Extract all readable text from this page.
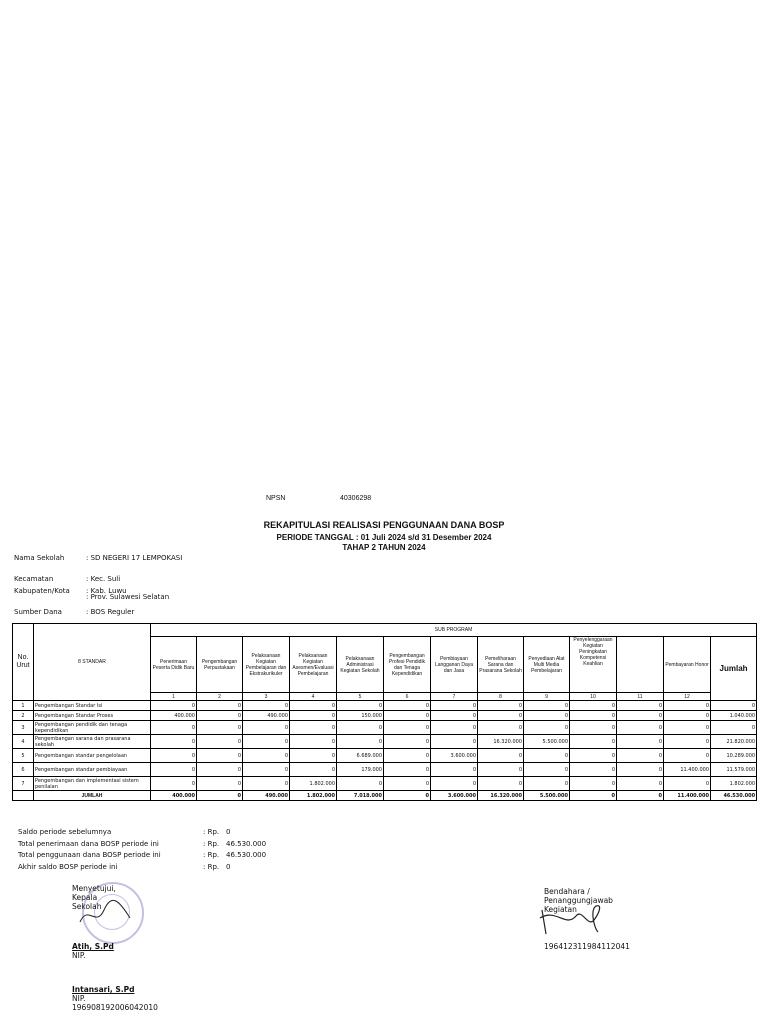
NPSN	40306298
REKAPITULASI REALISASI PENGGUNAAN DANA BOSP
PERIODE TANGGAL : 01 Juli 2024 s/d 31 Desember 2024
TAHAP 2 TAHUN 2024
Nama Sekolah	: SD NEGERI 17 LEMPOKASI
Kecamatan	: Kec. Suli
Kabupaten/Kota	: Kab. Luwu
Sumber Dana	: BOS Reguler
: Prov. Sulawesi Selatan
No. Urut	8 STANDAR	SUB PROGRAM												
		Penerimaan Peserta Didik Baru	Pengembangan Perpustakaan	Pelaksanaan Kegiatan Pembelajaran dan Ekstrakurikuler	Pelaksanaan Kegiatan Asesmen/Evaluasi Pembelajaran	Pelaksanaan Administrasi Kegiatan Sekolah	Pengembangan Profesi Pendidik dan Tenaga Kependidikan	Pembiayaan Langganan Daya dan Jasa	Pemeliharaan Sarana dan Prasarana Sekolah	Penyediaan Alat Multi Media Pembelajaran	Penyelenggaraan Kegiatan Peningkatan Kompetensi Keahlian		Pembayaran Honor	Jumlah
		1	2	3	4	5	6	7	8	9	10	11	12	
1	Pengembangan Standar Isi	0	0	0	0	0	0	0	0	0	0	0	0	0
2	Pengembangan Standar Proses	400.000	0	490.000	0	150.000	0	0	0	0	0	0	0	1.040.000
3	Pengembangan pendidik dan tenaga kependidikan	0	0	0	0	0	0	0	0	0	0	0	0	0
4	Pengembangan sarana dan prasarana sekolah	0	0	0	0	0	0	0	16.320.000	5.500.000	0	0	0	21.820.000
5	Pengembangan standar pengelolaan	0	0	0	0	6.689.000	0	3.600.000	0	0	0	0	0	10.289.000
6	Pengembangan standar pembiayaan	0	0	0	0	179.000	0	0	0	0	0	0	11.400.000	11.579.000
7	Pengembangan dan implementasi sistem penilaian	0	0	0	1.802.000	0	0	0	0	0	0	0	0	1.802.000
	JUMLAH	400.000	0	490.000	1.802.000	7.018.000	0	3.600.000	16.320.000	5.500.000	0	0	11.400.000	46.530.000
Saldo periode sebelumnya	: Rp. 0
Total penerimaan dana BOSP periode ini	: Rp. 46.530.000
Total penggunaan dana BOSP periode ini	: Rp. 46.530.000
Akhir saldo BOSP periode ini	: Rp. 0
Menyetujui,
Kepala
Sekolah
Atih, S.Pd
NIP.
Bendahara /
Penanggungjawab
Kegiatan
196412311984112041
Intansari, S.Pd
NIP.
196908192006042010
